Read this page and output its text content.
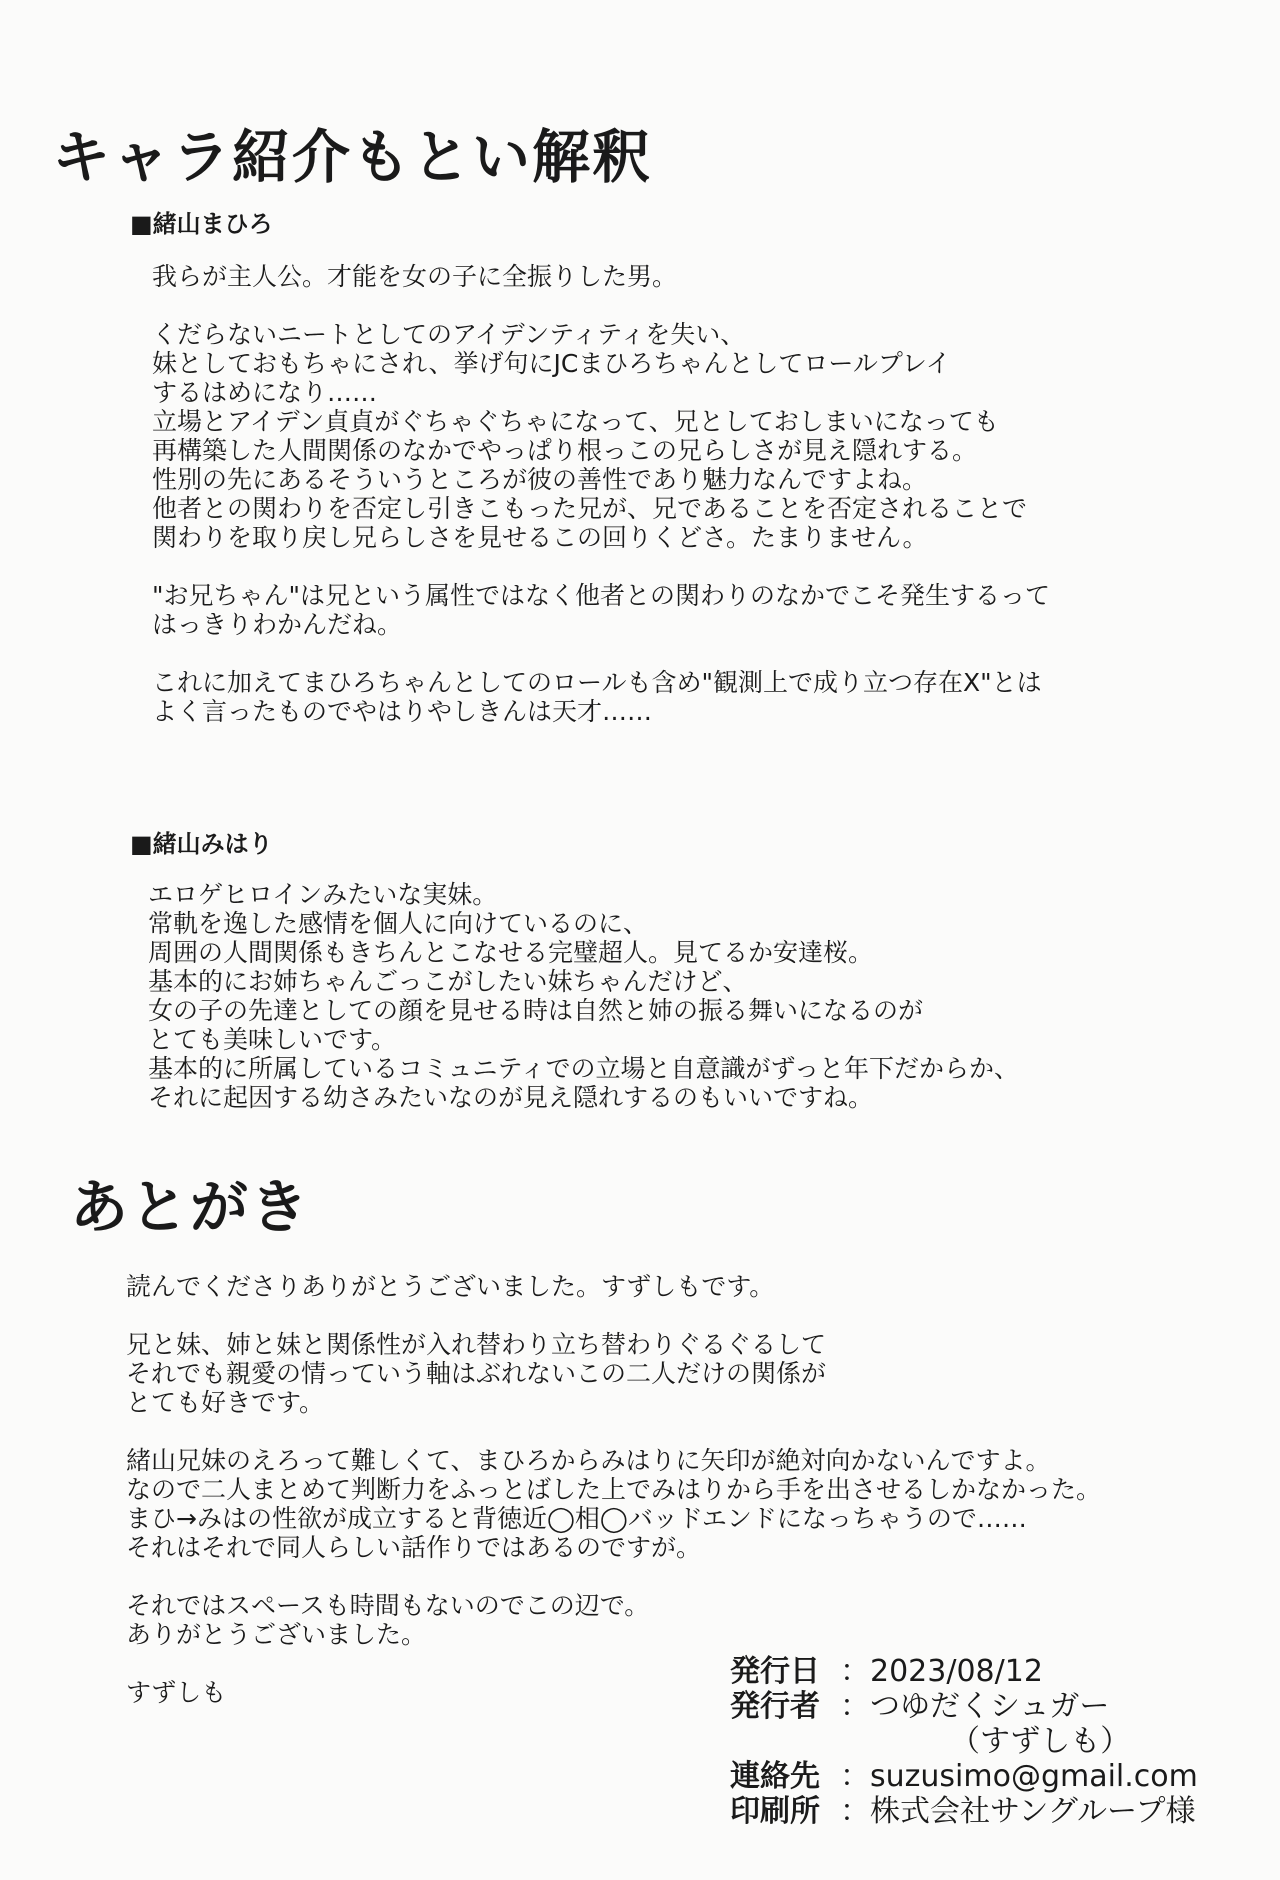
キャラ紹介もとい解釈
■緒山まひろ
我らが主人公。才能を女の子に全振りした男。
くだらないニートとしてのアイデンティティを失い、
妹としておもちゃにされ、挙げ句にJCまひろちゃんとしてロールプレイ
するはめになり……
立場とアイデン貞貞がぐちゃぐちゃになって、兄としておしまいになっても
再構築した人間関係のなかでやっぱり根っこの兄らしさが見え隠れする。
性別の先にあるそういうところが彼の善性であり魅力なんですよね。
他者との関わりを否定し引きこもった兄が、兄であることを否定されることで
関わりを取り戻し兄らしさを見せるこの回りくどさ。たまりません。
"お兄ちゃん"は兄という属性ではなく他者との関わりのなかでこそ発生するって
はっきりわかんだね。
これに加えてまひろちゃんとしてのロールも含め"観測上で成り立つ存在X"とは
よく言ったものでやはりやしきんは天才……
■緒山みはり
エロゲヒロインみたいな実妹。
常軌を逸した感情を個人に向けているのに、
周囲の人間関係もきちんとこなせる完璧超人。見てるか安達桜。
基本的にお姉ちゃんごっこがしたい妹ちゃんだけど、
女の子の先達としての顔を見せる時は自然と姉の振る舞いになるのが
とても美味しいです。
基本的に所属しているコミュニティでの立場と自意識がずっと年下だからか、
それに起因する幼さみたいなのが見え隠れするのもいいですね。
あとがき
読んでくださりありがとうございました。すずしもです。
兄と妹、姉と妹と関係性が入れ替わり立ち替わりぐるぐるして
それでも親愛の情っていう軸はぶれないこの二人だけの関係が
とても好きです。
緒山兄妹のえろって難しくて、まひろからみはりに矢印が絶対向かないんですよ。
なので二人まとめて判断力をふっとばした上でみはりから手を出させるしかなかった。
まひ→みはの性欲が成立すると背徳近◯相◯バッドエンドになっちゃうので……
それはそれで同人らしい話作りではあるのですが。
それではスペースも時間もないのでこの辺で。
ありがとうございました。
すずしも
発行日 ：2023/08/12
発行者 ：つゆだくシュガー
（すずしも）
連絡先 ：suzusimo@gmail.com
印刷所 ：株式会社サングループ様
